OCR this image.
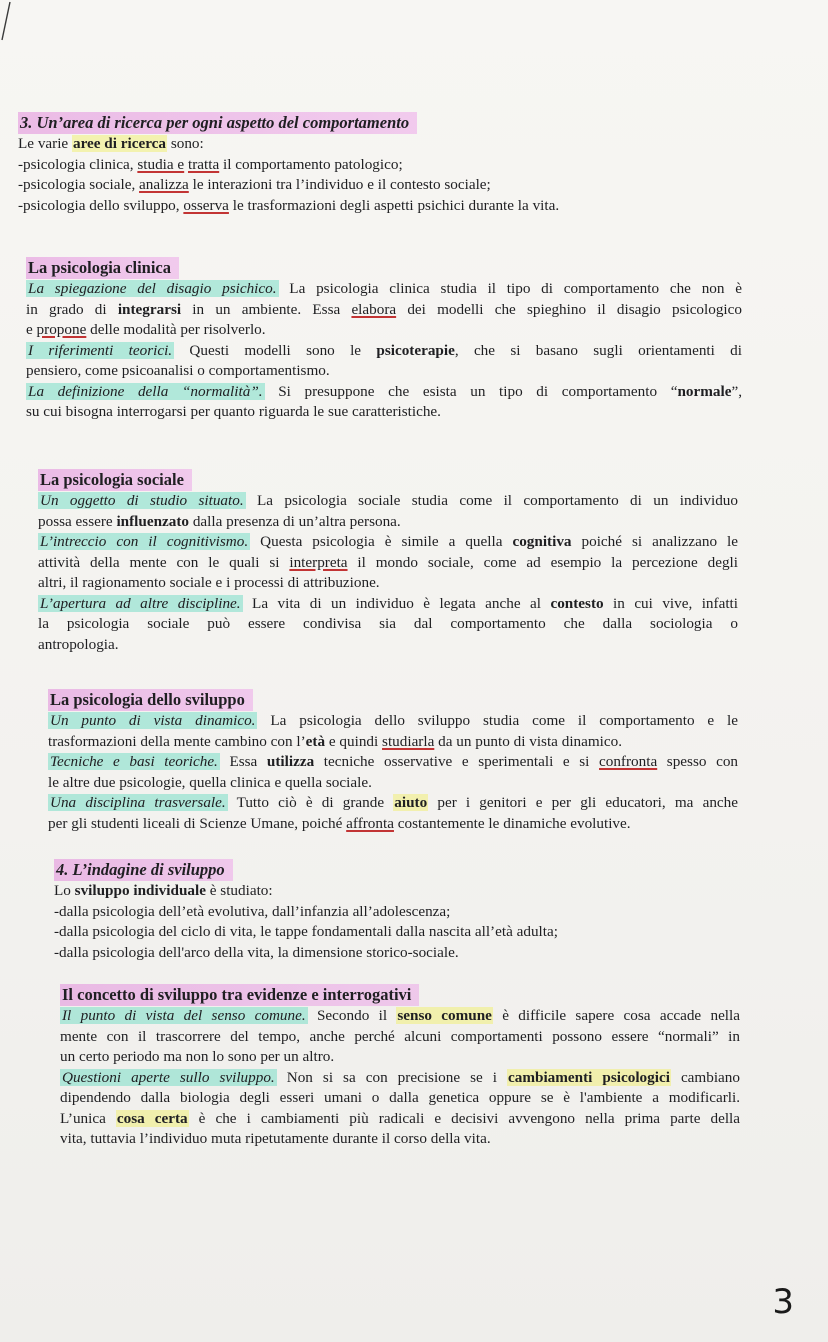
3. Un’area di ricerca per ogni aspetto del comportamento
Le varie aree di ricerca sono:
-psicologia clinica, studia e tratta il comportamento patologico;
-psicologia sociale, analizza le interazioni tra l’individuo e il contesto sociale;
-psicologia dello sviluppo, osserva le trasformazioni degli aspetti psichici durante la vita.
La psicologia clinica
La spiegazione del disagio psichico. La psicologia clinica studia il tipo di comportamento che non è
in grado di integrarsi in un ambiente. Essa elabora dei modelli che spieghino il disagio psicologico
e propone delle modalità per risolverlo.
I riferimenti teorici. Questi modelli sono le psicoterapie, che si basano sugli orientamenti di
pensiero, come psicoanalisi o comportamentismo.
La definizione della “normalità”. Si presuppone che esista un tipo di comportamento “normale”,
su cui bisogna interrogarsi per quanto riguarda le sue caratteristiche.
La psicologia sociale
Un oggetto di studio situato. La psicologia sociale studia come il comportamento di un individuo
possa essere influenzato dalla presenza di un’altra persona.
L’intreccio con il cognitivismo. Questa psicologia è simile a quella cognitiva poiché si analizzano le
attività della mente con le quali si interpreta il mondo sociale, come ad esempio la percezione degli
altri, il ragionamento sociale e i processi di attribuzione.
L’apertura ad altre discipline. La vita di un individuo è legata anche al contesto in cui vive, infatti
la psicologia sociale può essere condivisa sia dal comportamento che dalla sociologia o
antropologia.
La psicologia dello sviluppo
Un punto di vista dinamico. La psicologia dello sviluppo studia come il comportamento e le
trasformazioni della mente cambino con l’età e quindi studiarla da un punto di vista dinamico.
Tecniche e basi teoriche. Essa utilizza tecniche osservative e sperimentali e si confronta spesso con
le altre due psicologie, quella clinica e quella sociale.
Una disciplina trasversale. Tutto ciò è di grande aiuto per i genitori e per gli educatori, ma anche
per gli studenti liceali di Scienze Umane, poiché affronta costantemente le dinamiche evolutive.
4. L’indagine di sviluppo
Lo sviluppo individuale è studiato:
-dalla psicologia dell’età evolutiva, dall’infanzia all’adolescenza;
-dalla psicologia del ciclo di vita, le tappe fondamentali dalla nascita all’età adulta;
-dalla psicologia dell'arco della vita, la dimensione storico-sociale.
Il concetto di sviluppo tra evidenze e interrogativi
Il punto di vista del senso comune. Secondo il senso comune è difficile sapere cosa accade nella
mente con il trascorrere del tempo, anche perché alcuni comportamenti possono essere “normali” in
un certo periodo ma non lo sono per un altro.
Questioni aperte sullo sviluppo. Non si sa con precisione se i cambiamenti psicologici cambiano
dipendendo dalla biologia degli esseri umani o dalla genetica oppure se è l'ambiente a modificarli.
L’unica cosa certa è che i cambiamenti più radicali e decisivi avvengono nella prima parte della
vita, tuttavia l’individuo muta ripetutamente durante il corso della vita.
3
